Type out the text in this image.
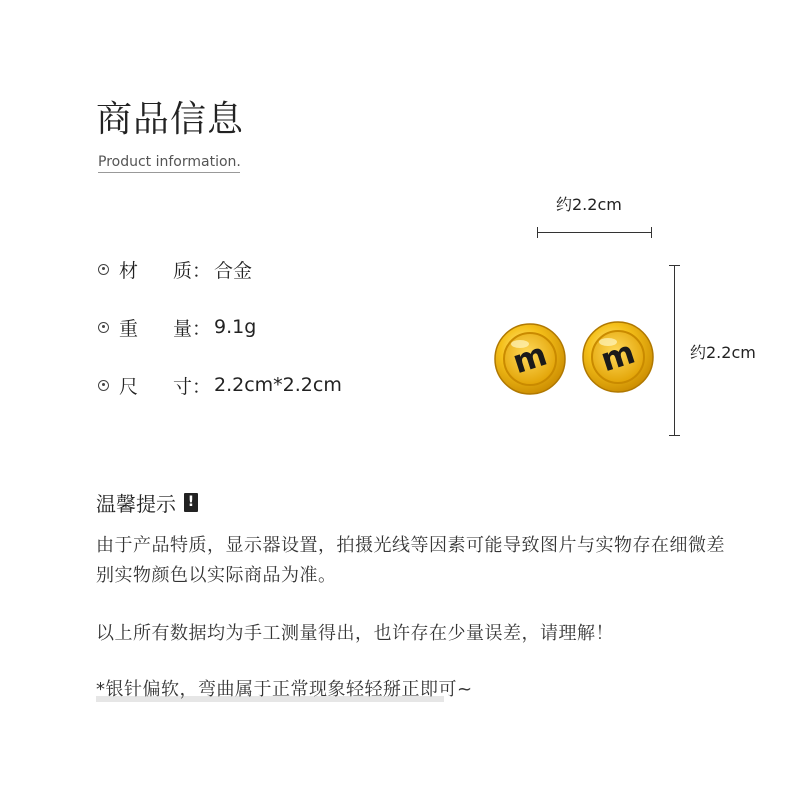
商品信息
Product information.
材 质： 合金
重 量： 9.1g
尺 寸： 2.2cm*2.2cm
约2.2cm
约2.2cm
m m
温馨提示 !
由于产品特质，显示器设置，拍摄光线等因素可能导致图片与实物存在细微差别实物颜色以实际商品为准。
以上所有数据均为手工测量得出，也许存在少量误差，请理解！
*银针偏软，弯曲属于正常现象轻轻掰正即可~
